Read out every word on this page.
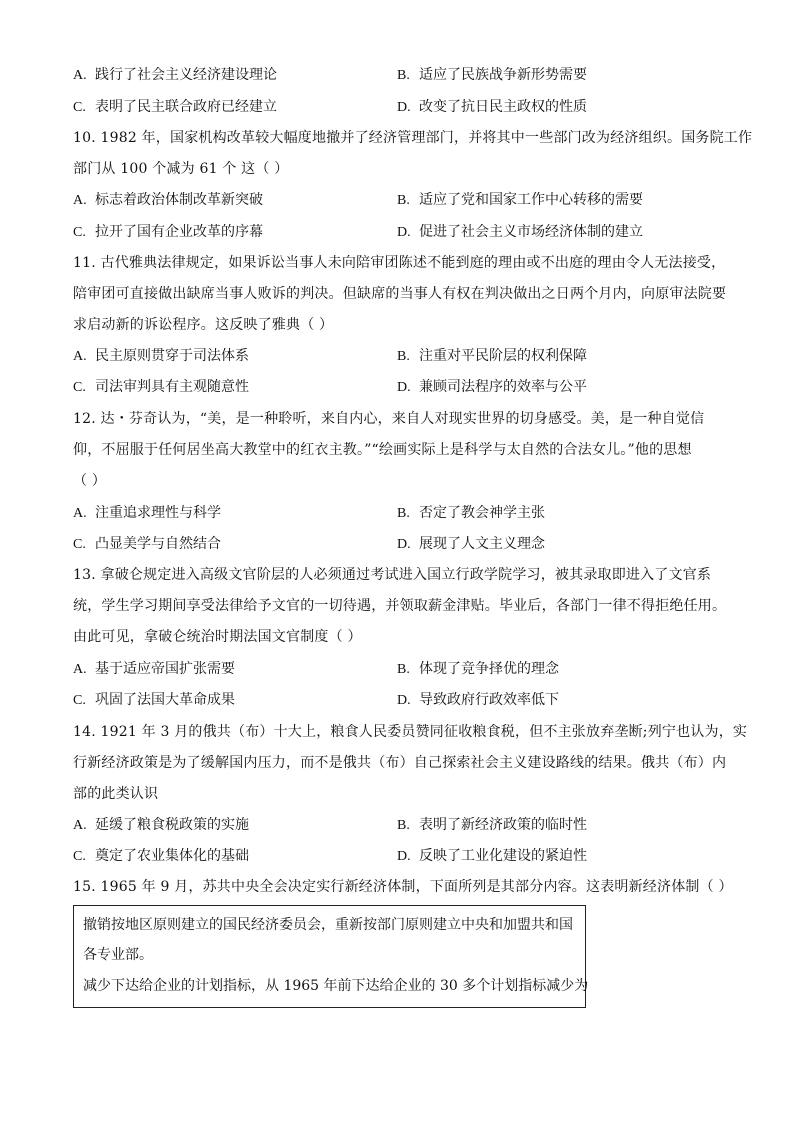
A. 践行了社会主义经济建设理论	B. 适应了民族战争新形势需要
C. 表明了民主联合政府已经建立	D. 改变了抗日民主政权的性质
10. 1982 年，国家机构改革较大幅度地撤并了经济管理部门，并将其中一些部门改为经济组织。国务院工作
部门从 100 个减为 61 个 这（ ）
A. 标志着政治体制改革新突破	B. 适应了党和国家工作中心转移的需要
C. 拉开了国有企业改革的序幕	D. 促进了社会主义市场经济体制的建立
11. 古代雅典法律规定，如果诉讼当事人未向陪审团陈述不能到庭的理由或不出庭的理由令人无法接受，
陪审团可直接做出缺席当事人败诉的判决。但缺席的当事人有权在判决做出之日两个月内，向原审法院要
求启动新的诉讼程序。这反映了雅典（ ）
A. 民主原则贯穿于司法体系	B. 注重对平民阶层的权利保障
C. 司法审判具有主观随意性	D. 兼顾司法程序的效率与公平
12. 达・芬奇认为，“美，是一种聆听，来自内心，来自人对现实世界的切身感受。美，是一种自觉信
仰，不屈服于任何居坐高大教堂中的红衣主教。”“绘画实际上是科学与太自然的合法女儿。”他的思想
（ ）
A. 注重追求理性与科学	B. 否定了教会神学主张
C. 凸显美学与自然结合	D. 展现了人文主义理念
13. 拿破仑规定进入高级文官阶层的人必须通过考试进入国立行政学院学习，被其录取即进入了文官系
统，学生学习期间享受法律给予文官的一切待遇，并领取薪金津贴。毕业后，各部门一律不得拒绝任用。
由此可见，拿破仑统治时期法国文官制度（ ）
A. 基于适应帝国扩张需要	B. 体现了竞争择优的理念
C. 巩固了法国大革命成果	D. 导致政府行政效率低下
14. 1921 年 3 月的俄共（布）十大上，粮食人民委员赞同征收粮食税，但不主张放弃垄断;列宁也认为，实
行新经济政策是为了缓解国内压力，而不是俄共（布）自己探索社会主义建设路线的结果。俄共（布）内
部的此类认识
A. 延缓了粮食税政策的实施	B. 表明了新经济政策的临时性
C. 奠定了农业集体化的基础	D. 反映了工业化建设的紧迫性
15. 1965 年 9 月，苏共中央全会决定实行新经济体制，下面所列是其部分内容。这表明新经济体制（ ）
撤销按地区原则建立的国民经济委员会，重新按部门原则建立中央和加盟共和国
各专业部。
减少下达给企业的计划指标，从 1965 年前下达给企业的 30 多个计划指标减少为
